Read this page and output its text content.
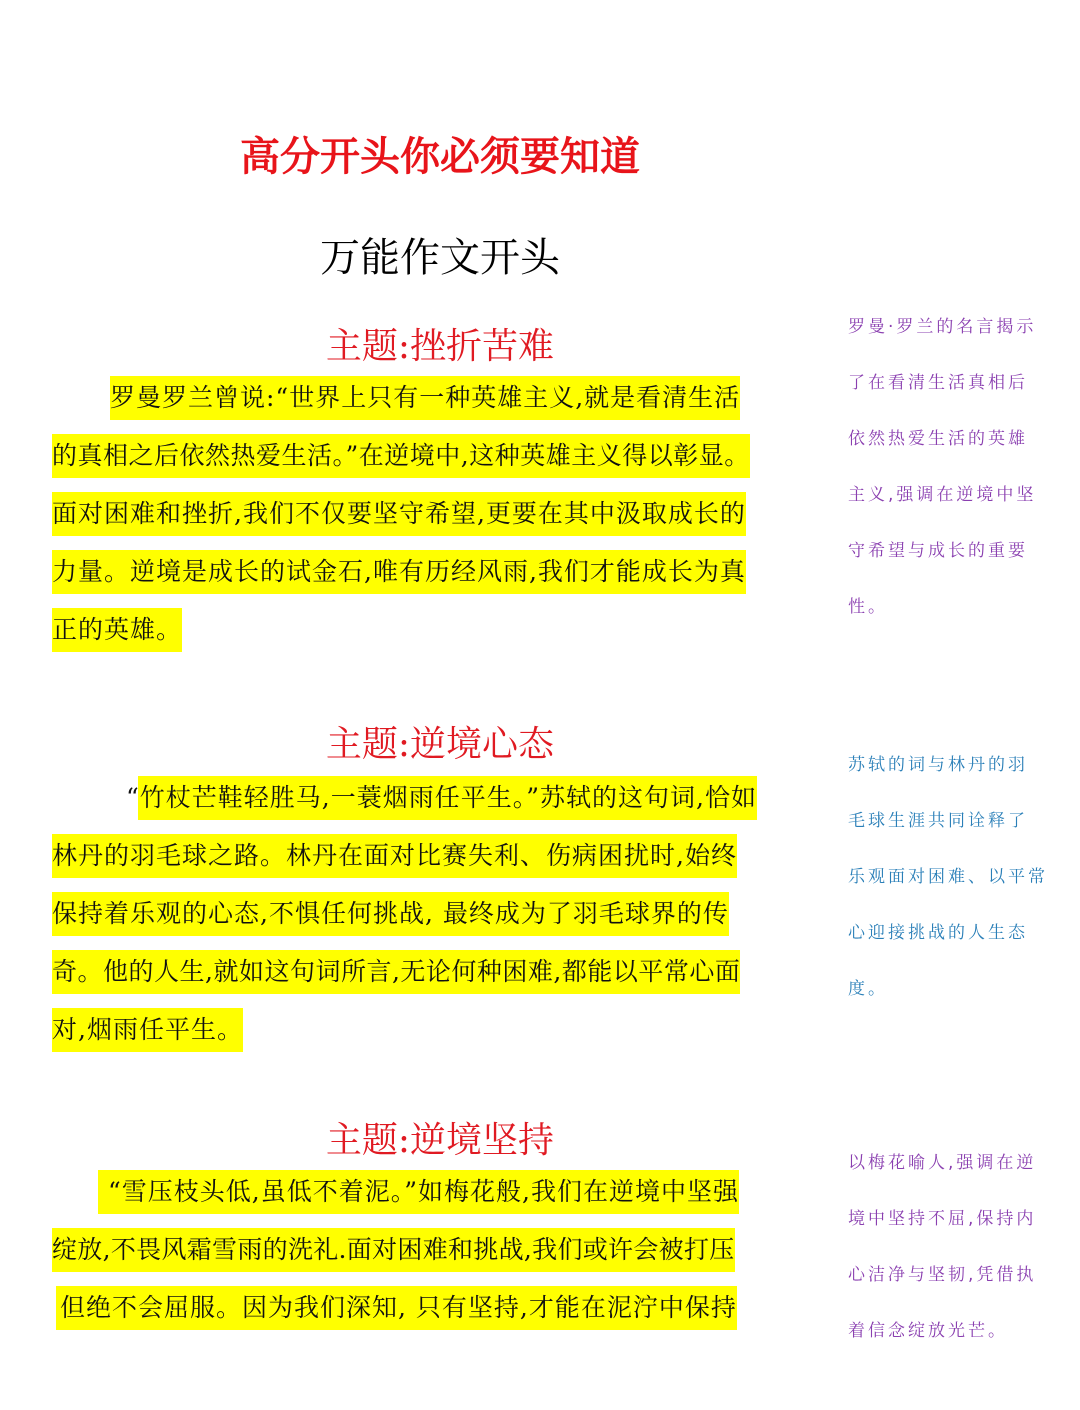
高分开头你必须要知道
万能作文开头
主题:挫折苦难
罗曼罗兰曾说:“世界上只有一种英雄主义,就是看清生活
的真相之后依然热爱生活。”在逆境中,这种英雄主义得以彰显。
面对困难和挫折,我们不仅要坚守希望,更要在其中汲取成长的
力量。逆境是成长的试金石,唯有历经风雨,我们才能成长为真
正的英雄。
罗曼·罗兰的名言揭示
了在看清生活真相后
依然热爱生活的英雄
主义,强调在逆境中坚
守希望与成长的重要
性。
主题:逆境心态
“竹杖芒鞋轻胜马,一蓑烟雨任平生。”苏轼的这句词,恰如
林丹的羽毛球之路。林丹在面对比赛失利、伤病困扰时,始终
保持着乐观的心态,不惧任何挑战, 最终成为了羽毛球界的传
奇。他的人生,就如这句词所言,无论何种困难,都能以平常心面
对,烟雨任平生。
苏轼的词与林丹的羽
毛球生涯共同诠释了
乐观面对困难、以平常
心迎接挑战的人生态
度。
主题:逆境坚持
“雪压枝头低,虽低不着泥。”如梅花般,我们在逆境中坚强
绽放,不畏风霜雪雨的洗礼.面对困难和挑战,我们或许会被打压
但绝不会屈服。因为我们深知, 只有坚持,才能在泥泞中保持
以梅花喻人,强调在逆
境中坚持不屈,保持内
心洁净与坚韧,凭借执
着信念绽放光芒。
